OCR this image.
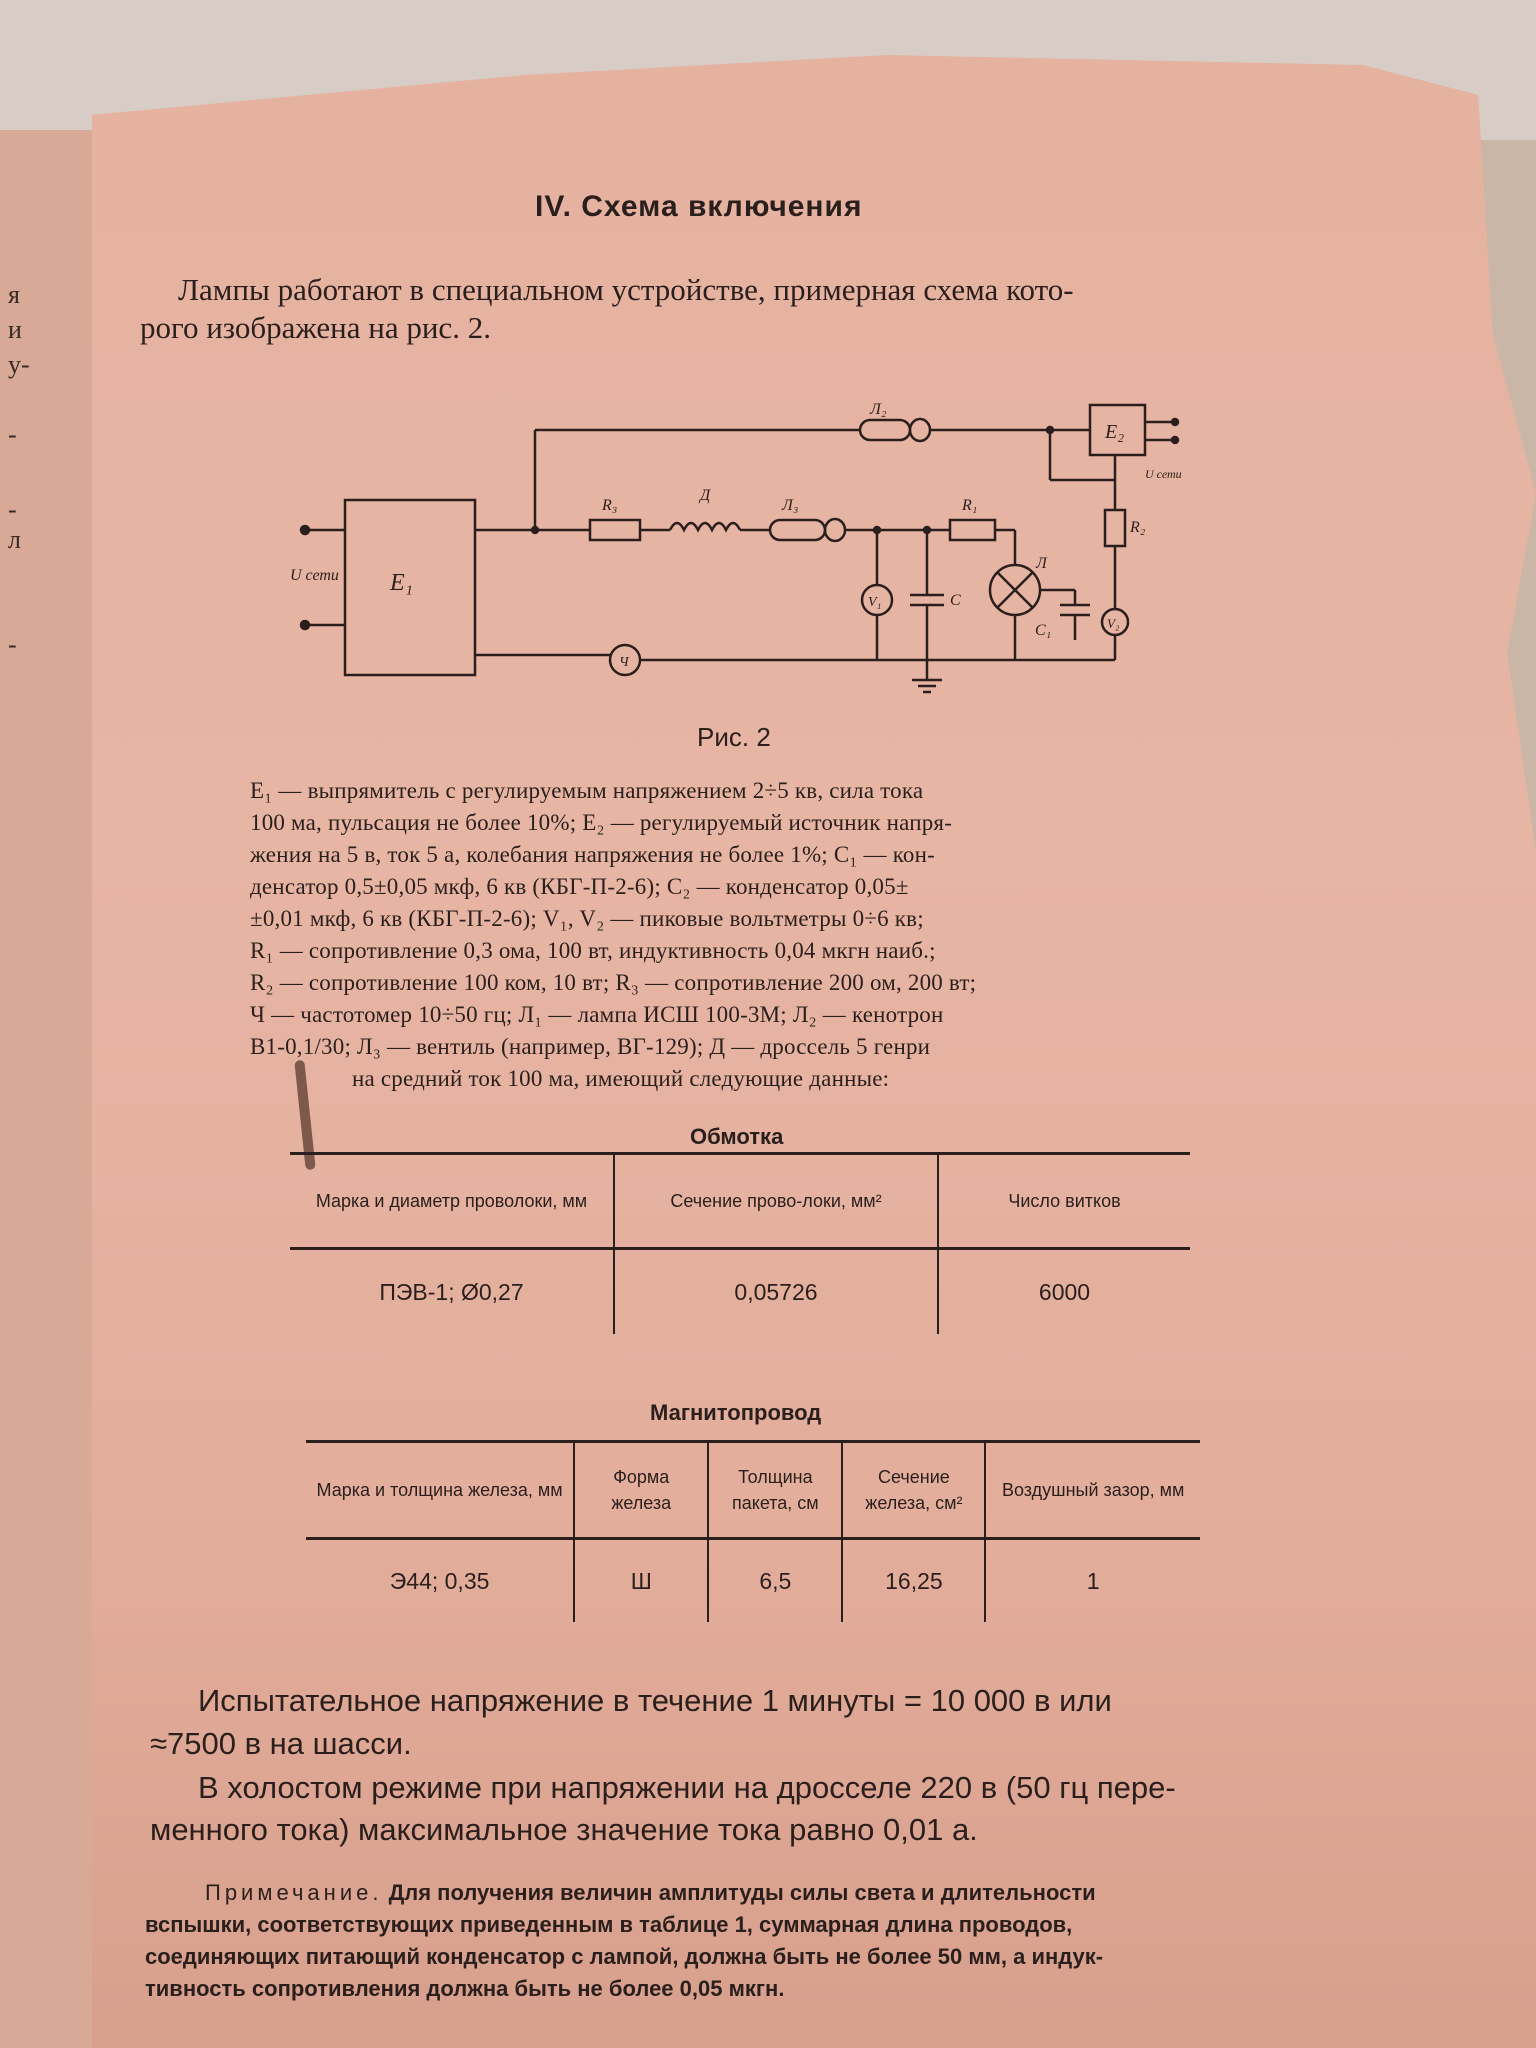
я
и
у-
-
-
л
-
IV. Схема включения
Лампы работают в специальном устройстве, примерная схема кото-
рого изображена на рис. 2.
U сети E₁
Л₂
E₂
U сети
R₂
R₃
Д
Л₃	R₁
V₁	C
Л
C₁	V₂
Ч
Рис. 2
E₁ — выпрямитель с регулируемым напряжением 2÷5 кв, сила тока
100 ма, пульсация не более 10%; E₂ — регулируемый источник напря-
жения на 5 в, ток 5 а, колебания напряжения не более 1%; C₁ — кон-
денсатор 0,5±0,05 мкф, 6 кв (КБГ-П-2-6); C₂ — конденсатор 0,05±
±0,01 мкф, 6 кв (КБГ-П-2-6); V₁, V₂ — пиковые вольтметры 0÷6 кв;
R₁ — сопротивление 0,3 ома, 100 вт, индуктивность 0,04 мкгн наиб.;
R₂ — сопротивление 100 ком, 10 вт; R₃ — сопротивление 200 ом, 200 вт;
Ч — частотомер 10÷50 гц; Л₁ — лампа ИСШ 100-3М; Л₂ — кенотрон
В1-0,1/30; Л₃ — вентиль (например, ВГ-129); Д — дроссель 5 генри
на средний ток 100 ма, имеющий следующие данные:
Обмотка
Марка и диаметр проволоки, мм	Сечение прово-локи, мм²	Число витков
ПЭВ-1; Ø0,27	0,05726	6000
Магнитопровод
Марка и толщина железа, мм	Форма железа	Толщина пакета, см	Сечение железа, см²	Воздушный зазор, мм
Э44; 0,35	Ш	6,5	16,25	1
Испытательное напряжение в течение 1 минуты = 10 000 в или
≈7500 в на шасси.
В холостом режиме при напряжении на дросселе 220 в (50 гц пере-
менного тока) максимальное значение тока равно 0,01 а.
Примечание. Для получения величин амплитуды силы света и длительности
вспышки, соответствующих приведенным в таблице 1, суммарная длина проводов,
соединяющих питающий конденсатор с лампой, должна быть не более 50 мм, а индук-
тивность сопротивления должна быть не более 0,05 мкгн.
